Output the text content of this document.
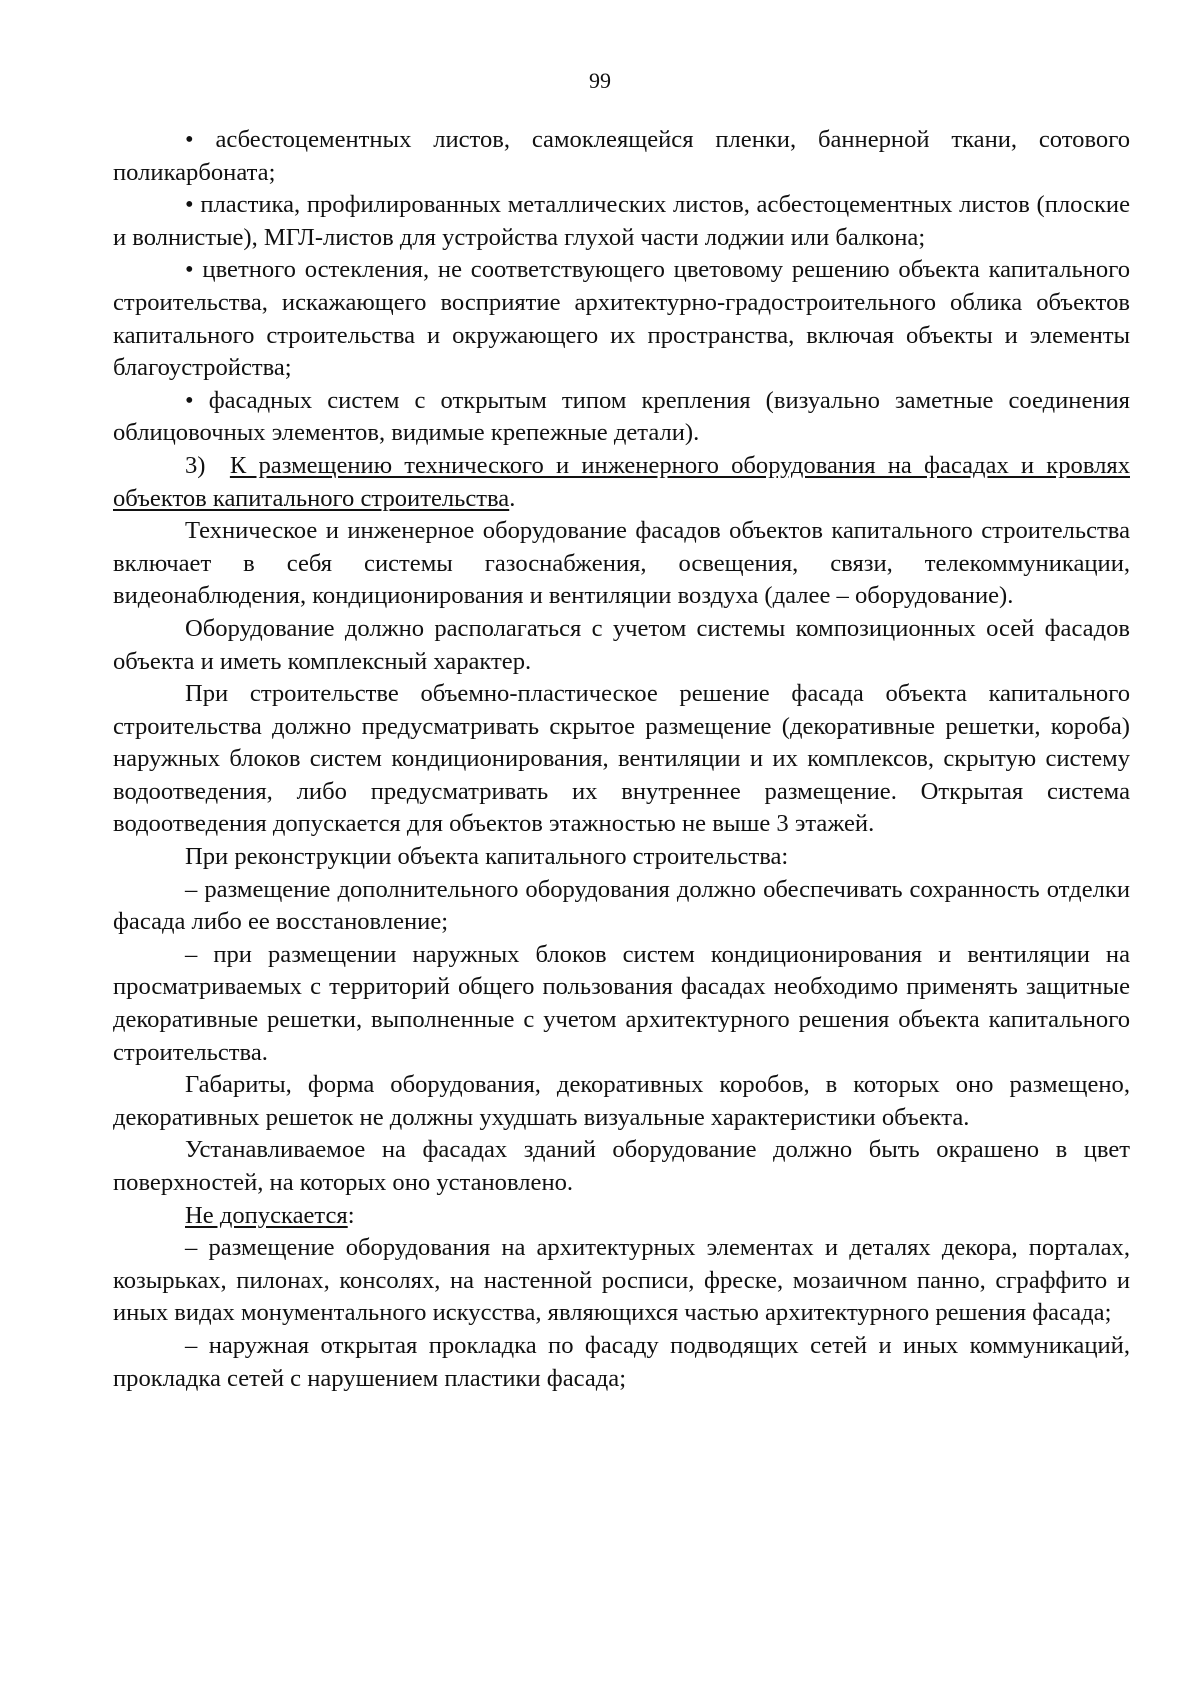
99

• асбестоцементных листов, самоклеящейся пленки, баннерной ткани, сотового поликарбоната;

• пластика, профилированных металлических листов, асбестоцементных листов (плоские и волнистые), МГЛ-листов для устройства глухой части лоджии или балкона;

• цветного остекления, не соответствующего цветовому решению объекта капитального строительства, искажающего восприятие архитектурно-градостроительного облика объектов капитального строительства и окружающего их пространства, включая объекты и элементы благоустройства;

• фасадных систем с открытым типом крепления (визуально заметные соединения облицовочных элементов, видимые крепежные детали).

3) К размещению технического и инженерного оборудования на фасадах и кровлях объектов капитального строительства.

Техническое и инженерное оборудование фасадов объектов капитального строительства включает в себя системы газоснабжения, освещения, связи, телекоммуникации, видеонаблюдения, кондиционирования и вентиляции воздуха (далее – оборудование).

Оборудование должно располагаться с учетом системы композиционных осей фасадов объекта и иметь комплексный характер.

При строительстве объемно-пластическое решение фасада объекта капитального строительства должно предусматривать скрытое размещение (декоративные решетки, короба) наружных блоков систем кондиционирования, вентиляции и их комплексов, скрытую систему водоотведения, либо предусматривать их внутреннее размещение. Открытая система водоотведения допускается для объектов этажностью не выше 3 этажей.

При реконструкции объекта капитального строительства:

– размещение дополнительного оборудования должно обеспечивать сохранность отделки фасада либо ее восстановление;

– при размещении наружных блоков систем кондиционирования и вентиляции на просматриваемых с территорий общего пользования фасадах необходимо применять защитные декоративные решетки, выполненные с учетом архитектурного решения объекта капитального строительства.

Габариты, форма оборудования, декоративных коробов, в которых оно размещено, декоративных решеток не должны ухудшать визуальные характеристики объекта.

Устанавливаемое на фасадах зданий оборудование должно быть окрашено в цвет поверхностей, на которых оно установлено.

Не допускается:

– размещение оборудования на архитектурных элементах и деталях декора, порталах, козырьках, пилонах, консолях, на настенной росписи, фреске, мозаичном панно, сграффито и иных видах монументального искусства, являющихся частью архитектурного решения фасада;

– наружная открытая прокладка по фасаду подводящих сетей и иных коммуникаций, прокладка сетей с нарушением пластики фасада;
